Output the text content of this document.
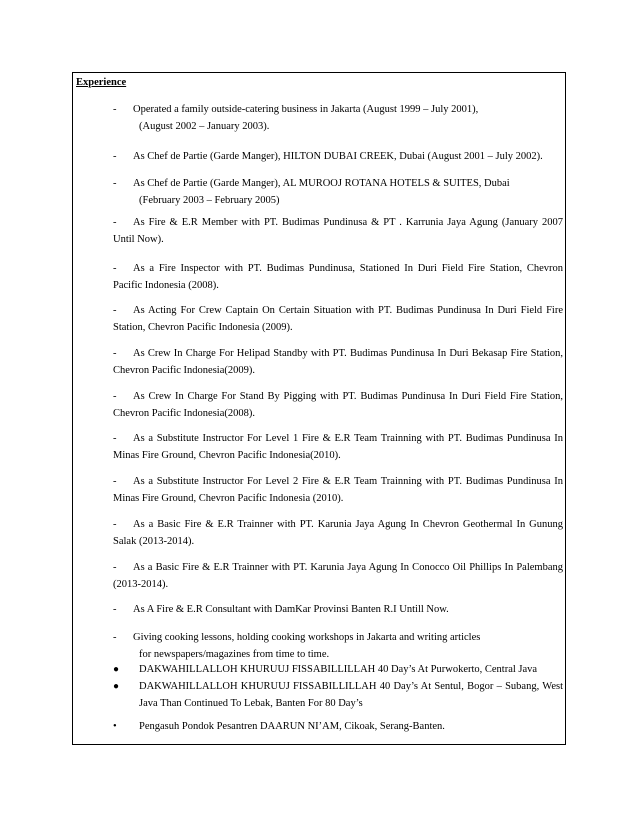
Experience
- Operated a family outside-catering business in Jakarta (August 1999 – July 2001),
(August 2002 – January 2003).
- As Chef de Partie (Garde Manger), HILTON DUBAI CREEK, Dubai (August 2001 – July 2002).
- As Chef de Partie (Garde Manger), AL MUROOJ ROTANA HOTELS & SUITES, Dubai
(February 2003 – February 2005)
- As Fire & E.R Member with PT. Budimas Pundinusa & PT . Karrunia Jaya Agung (January 2007
Until Now).
- As a Fire Inspector with PT. Budimas Pundinusa, Stationed In Duri Field Fire Station, Chevron
Pacific Indonesia (2008).
- As Acting For Crew Captain On Certain Situation with PT. Budimas Pundinusa In Duri Field Fire
Station, Chevron Pacific Indonesia (2009).
- As Crew In Charge For Helipad Standby with PT. Budimas Pundinusa In Duri Bekasap Fire Station,
Chevron Pacific Indonesia(2009).
- As Crew In Charge For Stand By Pigging with PT. Budimas Pundinusa In Duri Field Fire Station,
Chevron Pacific Indonesia(2008).
- As a Substitute Instructor For Level 1 Fire & E.R Team Trainning with PT. Budimas Pundinusa In
Minas Fire Ground, Chevron Pacific Indonesia(2010).
- As a Substitute Instructor For Level 2 Fire & E.R Team Trainning with PT. Budimas Pundinusa In
Minas Fire Ground, Chevron Pacific Indonesia (2010).
- As a Basic Fire & E.R Trainner with PT. Karunia Jaya Agung In Chevron Geothermal In Gunung
Salak (2013-2014).
- As a Basic Fire & E.R Trainner with PT. Karunia Jaya Agung In Conocco Oil Phillips In Palembang
(2013-2014).
- As A Fire & E.R Consultant with DamKar Provinsi Banten R.I Untill Now.
- Giving cooking lessons, holding cooking workshops in Jakarta and writing articles
for newspapers/magazines from time to time.
●	DAKWAHILLALLOH KHURUUJ FISSABILLILLAH 40 Day’s At Purwokerto, Central Java
●	DAKWAHILLALLOH KHURUUJ FISSABILLILLAH 40 Day’s At Sentul, Bogor – Subang, West
Java Than Continued To Lebak, Banten For 80 Day’s
• Pengasuh Pondok Pesantren DAARUN NI’AM, Cikoak, Serang-Banten.
